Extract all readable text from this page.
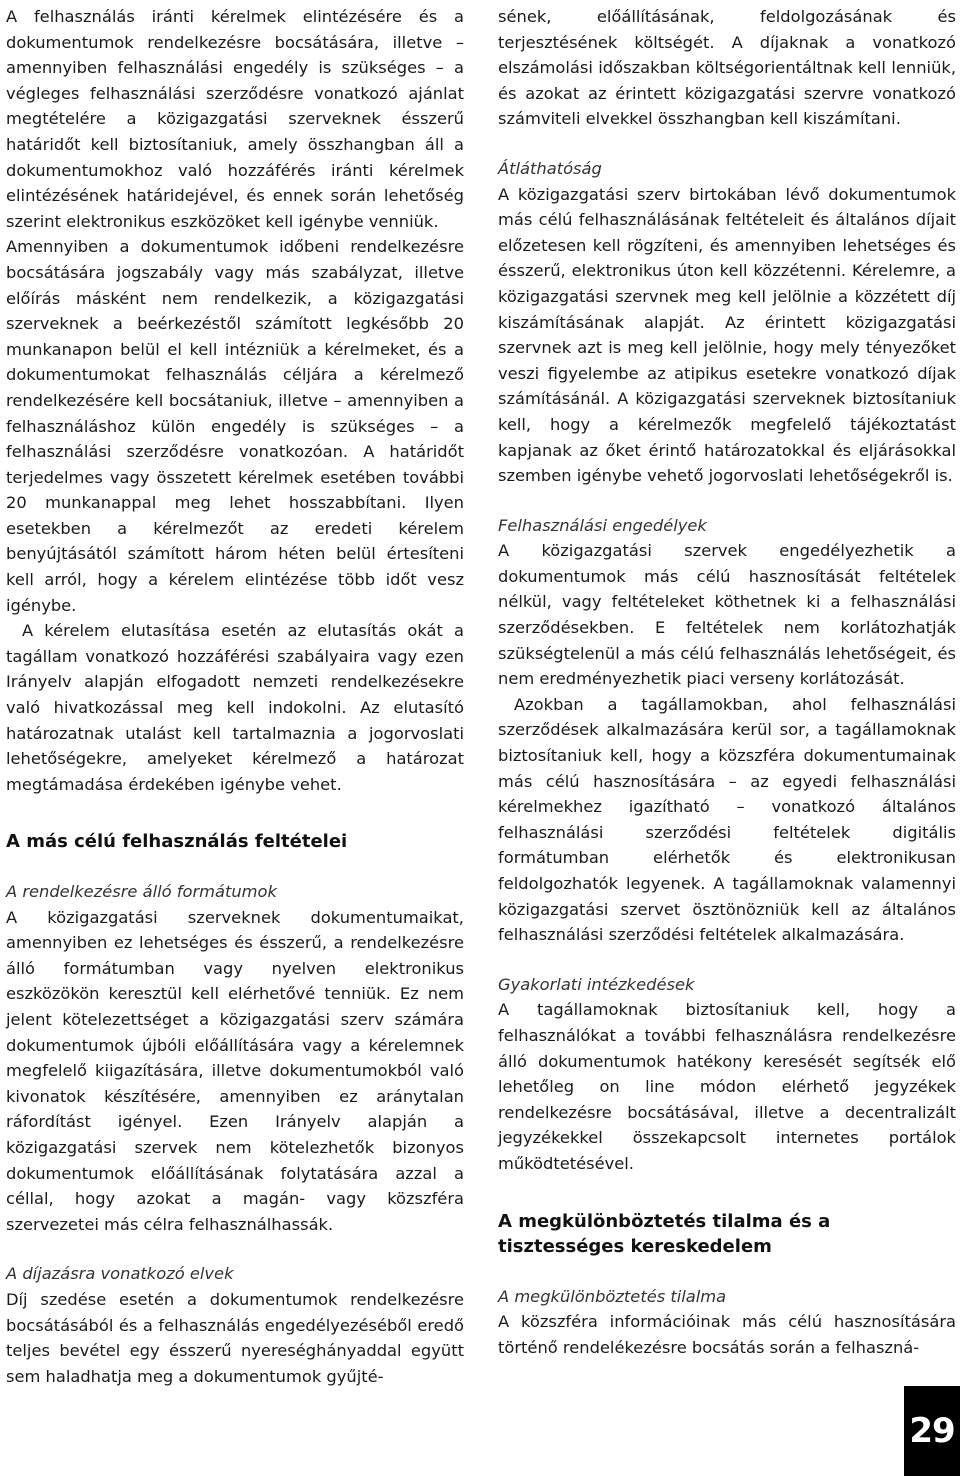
A felhasználás iránti kérelmek elintézésére és a dokumentumok rendelkezésre bocsátására, illetve – amennyiben felhasználási engedély is szükséges – a végleges felhasználási szerződésre vonatkozó ajánlat megtételére a közigazgatási szerveknek ésszerű határidőt kell biztosítaniuk, amely összhangban áll a dokumentumokhoz való hozzáférés iránti kérelmek elintézésének határidejével, és ennek során lehetőség szerint elektronikus eszközöket kell igénybe venniük.

Amennyiben a dokumentumok időbeni rendelkezésre bocsátására jogszabály vagy más szabályzat, illetve előírás másként nem rendelkezik, a közigazgatási szerveknek a beérkezéstől számított legkésőbb 20 munkanapon belül el kell intézniük a kérelmeket, és a dokumentumokat felhasználás céljára a kérelmező rendelkezésére kell bocsátaniuk, illetve – amennyiben a felhasználáshoz külön engedély is szükséges – a felhasználási szerződésre vonatkozóan. A határidőt terjedelmes vagy összetett kérelmek esetében további 20 munkanappal meg lehet hosszabbítani. Ilyen esetekben a kérelmezőt az eredeti kérelem benyújtásától számított három héten belül értesíteni kell arról, hogy a kérelem elintézése több időt vesz igénybe.

A kérelem elutasítása esetén az elutasítás okát a tagállam vonatkozó hozzáférési szabályaira vagy ezen Irányelv alapján elfogadott nemzeti rendelkezésekre való hivatkozással meg kell indokolni. Az elutasító határozatnak utalást kell tartalmaznia a jogorvoslati lehetőségekre, amelyeket kérelmező a határozat megtámadása érdekében igénybe vehet.

A más célú felhasználás feltételei
A rendelkezésre álló formátumok

A közigazgatási szerveknek dokumentumaikat, amennyiben ez lehetséges és ésszerű, a rendelkezésre álló formátumban vagy nyelven elektronikus eszközökön keresztül kell elérhetővé tenniük. Ez nem jelent kötelezettséget a közigazgatási szerv számára dokumentumok újbóli előállítására vagy a kérelemnek megfelelő kiigazítására, illetve dokumentumokból való kivonatok készítésére, amennyiben ez aránytalan ráfordítást igényel. Ezen Irányelv alapján a közigazgatási szervek nem kötelezhetők bizonyos dokumentumok előállításának folytatására azzal a céllal, hogy azokat a magán- vagy közszféra szervezetei más célra felhasználhassák.

A díjazásra vonatkozó elvek

Díj szedése esetén a dokumentumok rendelkezésre bocsátásából és a felhasználás engedélyezéséből eredő teljes bevétel egy ésszerű nyereséghányaddal együtt sem haladhatja meg a dokumentumok gyűjté-

sének, előállításának, feldolgozásának és terjesztésének költségét. A díjaknak a vonatkozó elszámolási időszakban költségorientáltnak kell lenniük, és azokat az érintett közigazgatási szervre vonatkozó számviteli elvekkel összhangban kell kiszámítani.

Átláthatóság

A közigazgatási szerv birtokában lévő dokumentumok más célú felhasználásának feltételeit és általános díjait előzetesen kell rögzíteni, és amennyiben lehetséges és ésszerű, elektronikus úton kell közzétenni. Kérelemre, a közigazgatási szervnek meg kell jelölnie a közzétett díj kiszámításának alapját. Az érintett közigazgatási szervnek azt is meg kell jelölnie, hogy mely tényezőket veszi figyelembe az atipikus esetekre vonatkozó díjak számításánál. A közigazgatási szerveknek biztosítaniuk kell, hogy a kérelmezők megfelelő tájékoztatást kapjanak az őket érintő határozatokkal és eljárásokkal szemben igénybe vehető jogorvoslati lehetőségekről is.

Felhasználási engedélyek

A közigazgatási szervek engedélyezhetik a dokumentumok más célú hasznosítását feltételek nélkül, vagy feltételeket köthetnek ki a felhasználási szerződésekben. E feltételek nem korlátozhatják szükségtelenül a más célú felhasználás lehetőségeit, és nem eredményezhetik piaci verseny korlátozását.

Azokban a tagállamokban, ahol felhasználási szerződések alkalmazására kerül sor, a tagállamoknak biztosítaniuk kell, hogy a közszféra dokumentumainak más célú hasznosítására – az egyedi felhasználási kérelmekhez igazítható – vonatkozó általános felhasználási szerződési feltételek digitális formátumban elérhetők és elektronikusan feldolgozhatók legyenek. A tagállamoknak valamennyi közigazgatási szervet ösztönözniük kell az általános felhasználási szerződési feltételek alkalmazására.

Gyakorlati intézkedések

A tagállamoknak biztosítaniuk kell, hogy a felhasználókat a további felhasználásra rendelkezésre álló dokumentumok hatékony keresését segítsék elő lehetőleg on line módon elérhető jegyzékek rendelkezésre bocsátásával, illetve a decentralizált jegyzékekkel összekapcsolt internetes portálok működtetésével.

A megkülönböztetés tilalma és a tisztességes kereskedelem
A megkülönböztetés tilalma

A közszféra információinak más célú hasznosítására történő rendelékezésre bocsátás során a felhaszná-

29
